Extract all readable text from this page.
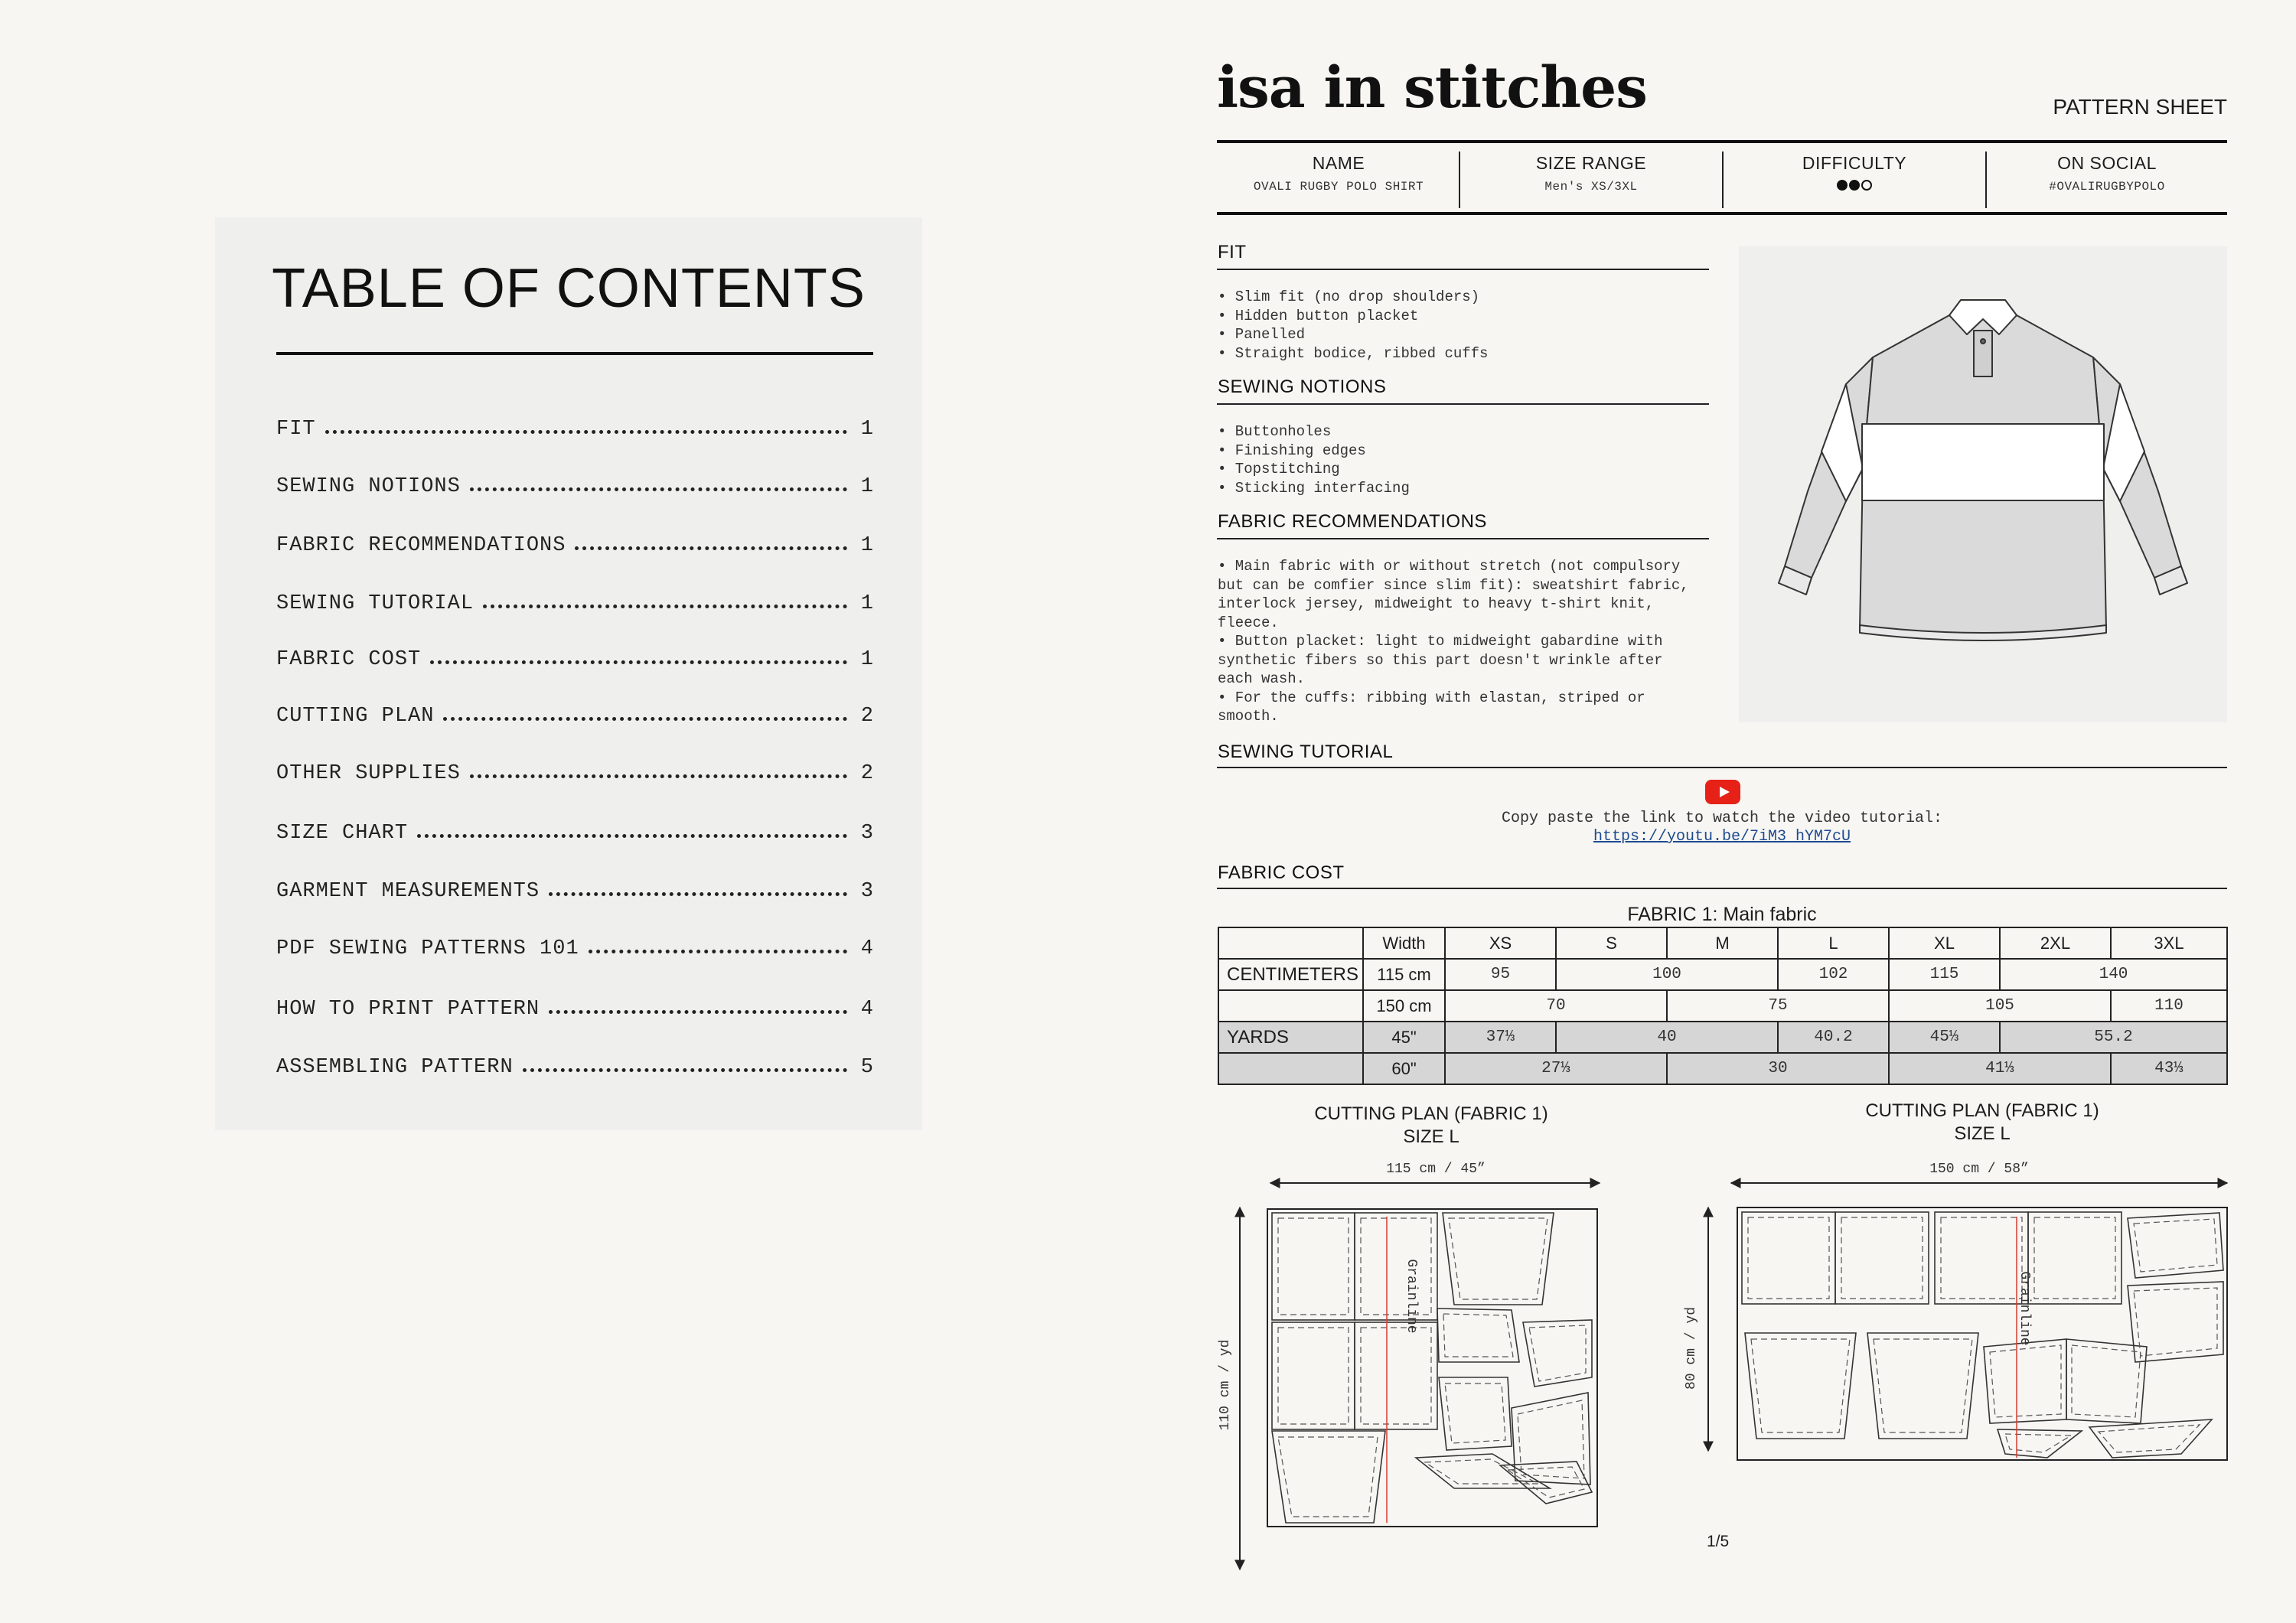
TABLE OF CONTENTS
FIT	1
SEWING NOTIONS	1
FABRIC RECOMMENDATIONS	1
SEWING TUTORIAL	1
FABRIC COST	1
CUTTING PLAN	2
OTHER SUPPLIES	2
SIZE CHART	3
GARMENT MEASUREMENTS	3
PDF SEWING PATTERNS 101	4
HOW TO PRINT PATTERN	4
ASSEMBLING PATTERN	5
isa in stitches	PATTERN SHEET
NAME
OVALI RUGBY POLO SHIRT
SIZE RANGE
Men's XS/3XL
DIFFICULTY	ON SOCIAL
#OVALIRUGBYPOLO
FIT
• Slim fit (no drop shoulders)
• Hidden button placket
• Panelled
• Straight bodice, ribbed cuffs
SEWING NOTIONS
• Buttonholes
• Finishing edges
• Topstitching
• Sticking interfacing
FABRIC RECOMMENDATIONS
• Main fabric with or without stretch (not compulsory
but can be comfier since slim fit): sweatshirt fabric,
interlock jersey, midweight to heavy t-shirt knit,
fleece.
• Button placket: light to midweight gabardine with
synthetic fibers so this part doesn't wrinkle after
each wash.
• For the cuffs: ribbing with elastan, striped or
smooth.
SEWING TUTORIAL
Copy paste the link to watch the video tutorial:
https://youtu.be/7iM3_hYM7cU
FABRIC COST
FABRIC 1: Main fabric
	Width	XS	S	M	L	XL	2XL	3XL
CENTIMETERS	115 cm	95	100		102	115	140	
	150 cm	70		75		105		110
YARDS	45"	37⅓	40		40.2	45⅓	55.2	
	60"	27⅓		30		41⅓		43⅓
CUTTING PLAN (FABRIC 1)
SIZE L
CUTTING PLAN (FABRIC 1)
SIZE L
115 cm / 45”	150 cm / 58”
110 cm / yd	80 cm / yd
Grainline	Grainline
1/5
